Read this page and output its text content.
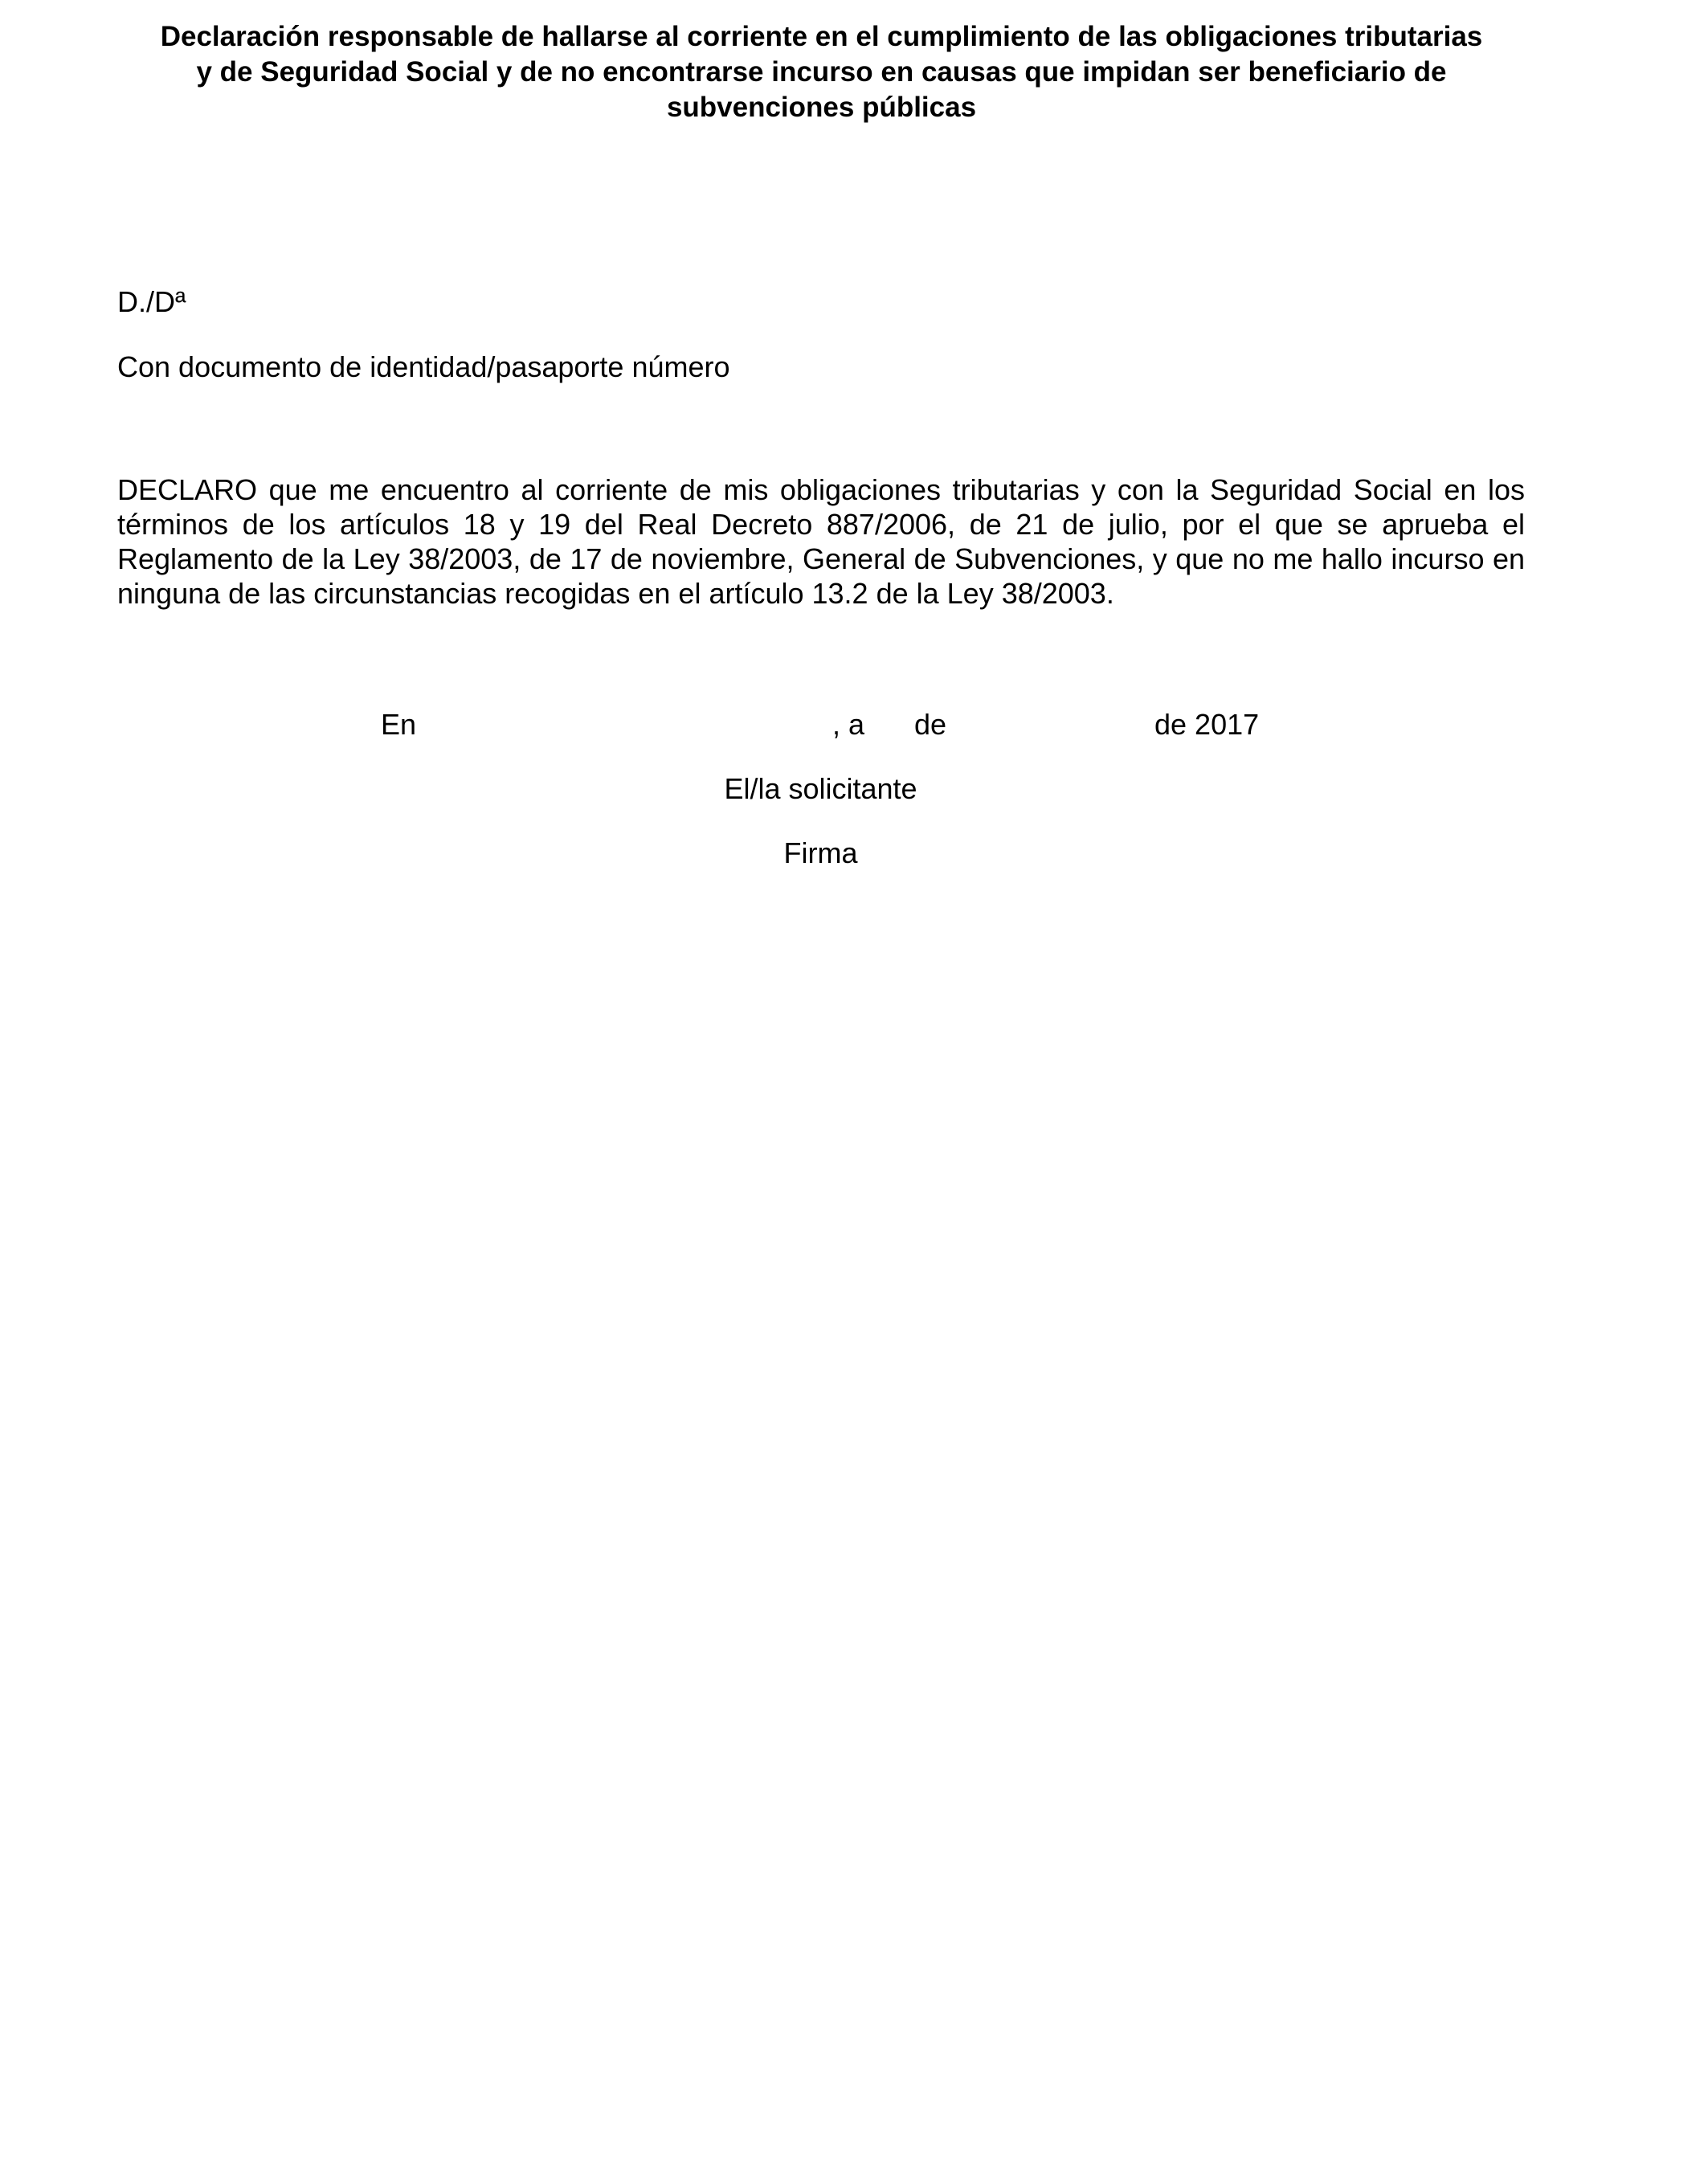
Declaración responsable de hallarse al corriente en el cumplimiento de las obligaciones tributarias
y de Seguridad Social y de no encontrarse incurso en causas que impidan ser beneficiario de
subvenciones públicas

D./Dª

Con documento de identidad/pasaporte número

DECLARO que me encuentro al corriente de mis obligaciones tributarias y con la Seguridad Social en los términos de los artículos 18 y 19 del Real Decreto 887/2006, de 21 de julio, por el que se aprueba el Reglamento de la Ley 38/2003, de 17 de noviembre, General de Subvenciones, y que no me hallo incurso en ninguna de las circunstancias recogidas en el artículo 13.2 de la Ley 38/2003.

En	, a de	de 2017
El/la solicitante
Firma
